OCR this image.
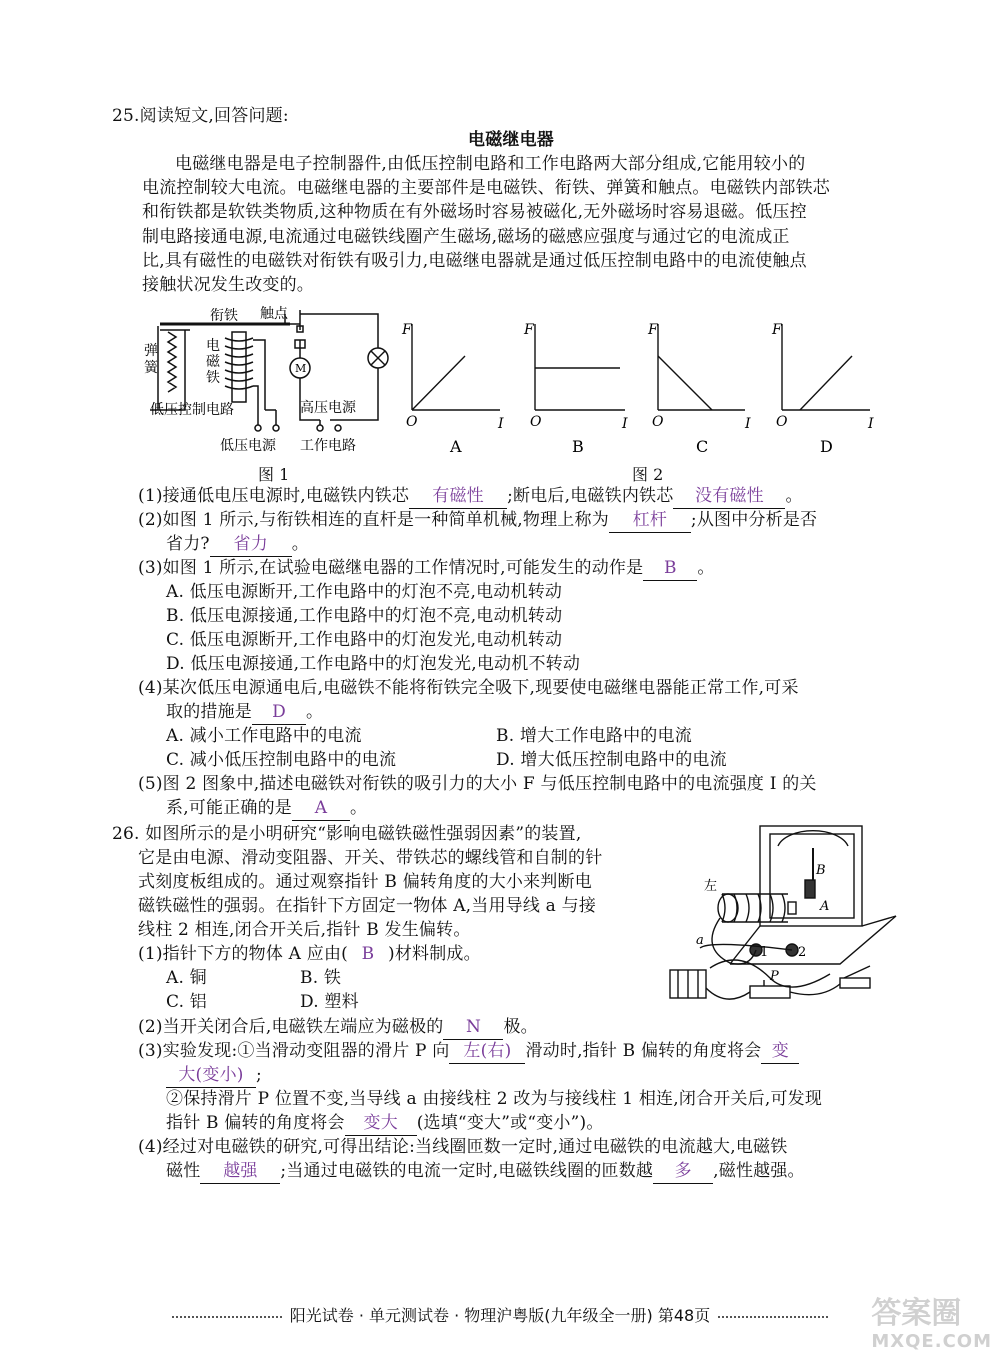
25.阅读短文,回答问题:
电磁继电器
电磁继电器是电子控制器件,由低压控制电路和工作电路两大部分组成,它能用较小的
电流控制较大电流。电磁继电器的主要部件是电磁铁、衔铁、弹簧和触点。电磁铁内部铁芯
和衔铁都是软铁类物质,这种物质在有外磁场时容易被磁化,无外磁场时容易退磁。低压控
制电路接通电源,电流通过电磁铁线圈产生磁场,磁场的磁感应强度与通过它的电流成正
比,具有磁性的电磁铁对衔铁有吸引力,电磁继电器就是通过低压控制电路中的电流使触点
接触状况发生改变的。
衔铁 触点
弹
簧
电
磁
铁
M
低压控制电路
低压电源
高压电源
工作电路
图 1
F
I
O
F
I
O
F
I
O
F
I
O
A	B	C	D
图 2
(1)接通低电压电源时,电磁铁内铁芯 有磁性 ;断电后,电磁铁内铁芯 没有磁性 。
(2)如图 1 所示,与衔铁相连的直杆是一种简单机械,物理上称为 杠杆 ;从图中分析是否
省力? 省力 。
(3)如图 1 所示,在试验电磁继电器的工作情况时,可能发生的动作是 B 。
A. 低压电源断开,工作电路中的灯泡不亮,电动机转动
B. 低压电源接通,工作电路中的灯泡不亮,电动机转动
C. 低压电源断开,工作电路中的灯泡发光,电动机转动
D. 低压电源接通,工作电路中的灯泡发光,电动机不转动
(4)某次低压电源通电后,电磁铁不能将衔铁完全吸下,现要使电磁继电器能正常工作,可采
取的措施是 D 。
A. 减小工作电路中的电流	B. 增大工作电路中的电流
C. 减小低压控制电路中的电流	D. 增大低压控制电路中的电流
(5)图 2 图象中,描述电磁铁对衔铁的吸引力的大小 F 与低压控制电路中的电流强度 I 的关
系,可能正确的是 A 。
26. 如图所示的是小明研究“影响电磁铁磁性强弱因素”的装置,
它是由电源、滑动变阻器、开关、带铁芯的螺线管和自制的针
式刻度板组成的。通过观察指针 B 偏转角度的大小来判断电
磁铁磁性的强弱。在指针下方固定一物体 A,当用导线 a 与接
线柱 2 相连,闭合开关后,指针 B 发生偏转。
左
B
A
a
1 2
P
(1)指针下方的物体 A 应由( B )材料制成。
A. 铜	B. 铁
C. 铝	D. 塑料
(2)当开关闭合后,电磁铁左端应为磁极的 N 极。
(3)实验发现:①当滑动变阻器的滑片 P 向 左(右) 滑动时,指针 B 偏转的角度将会 变
大(变小) ;
②保持滑片 P 位置不变,当导线 a 由接线柱 2 改为与接线柱 1 相连,闭合开关后,可发现
指针 B 偏转的角度将会 变大 (选填“变大”或“变小”)。
(4)经过对电磁铁的研究,可得出结论:当线圈匝数一定时,通过电磁铁的电流越大,电磁铁
磁性 越强 ;当通过电磁铁的电流一定时,电磁铁线圈的匝数越 多 ,磁性越强。
阳光试卷 · 单元测试卷 · 物理沪粤版(九年级全一册) 第48页	答案圈
MXQE.COM
